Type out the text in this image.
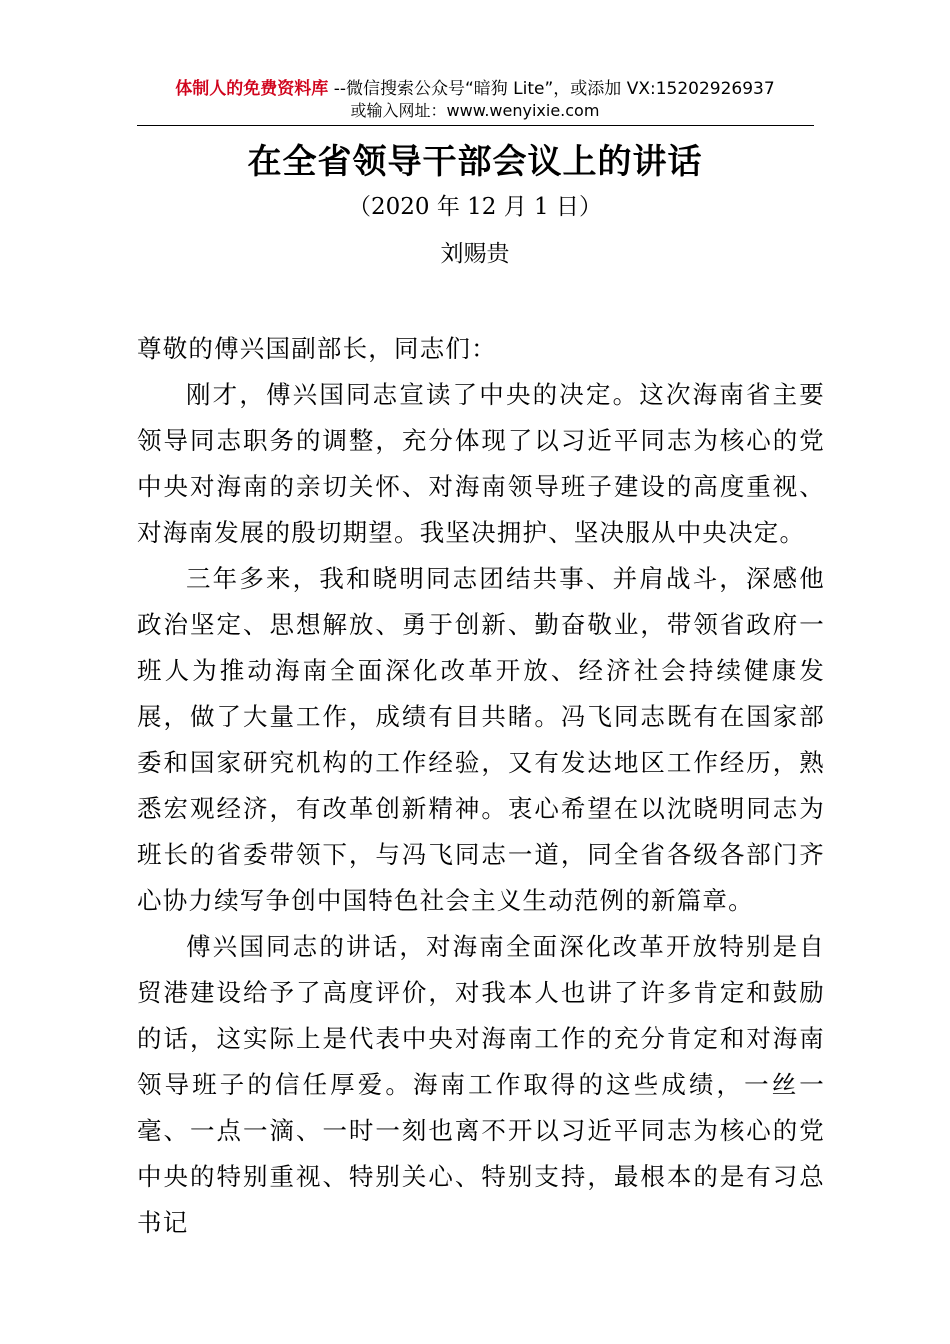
体制人的免费资料库 --微信搜索公众号“暗狗 Lite”，或添加 VX:15202926937
或输入网址：www.wenyixie.com
在全省领导干部会议上的讲话
（2020 年 12 月 1 日）
刘赐贵

尊敬的傅兴国副部长，同志们：

刚才，傅兴国同志宣读了中央的决定。这次海南省主要领导同志职务的调整，充分体现了以习近平同志为核心的党中央对海南的亲切关怀、对海南领导班子建设的高度重视、对海南发展的殷切期望。我坚决拥护、坚决服从中央决定。

三年多来，我和晓明同志团结共事、并肩战斗，深感他政治坚定、思想解放、勇于创新、勤奋敬业，带领省政府一班人为推动海南全面深化改革开放、经济社会持续健康发展，做了大量工作，成绩有目共睹。冯飞同志既有在国家部委和国家研究机构的工作经验，又有发达地区工作经历，熟悉宏观经济，有改革创新精神。衷心希望在以沈晓明同志为班长的省委带领下，与冯飞同志一道，同全省各级各部门齐心协力续写争创中国特色社会主义生动范例的新篇章。

傅兴国同志的讲话，对海南全面深化改革开放特别是自贸港建设给予了高度评价，对我本人也讲了许多肯定和鼓励的话，这实际上是代表中央对海南工作的充分肯定和对海南领导班子的信任厚爱。海南工作取得的这些成绩，一丝一毫、一点一滴、一时一刻也离不开以习近平同志为核心的党中央的特别重视、特别关心、特别支持，最根本的是有习总书记
